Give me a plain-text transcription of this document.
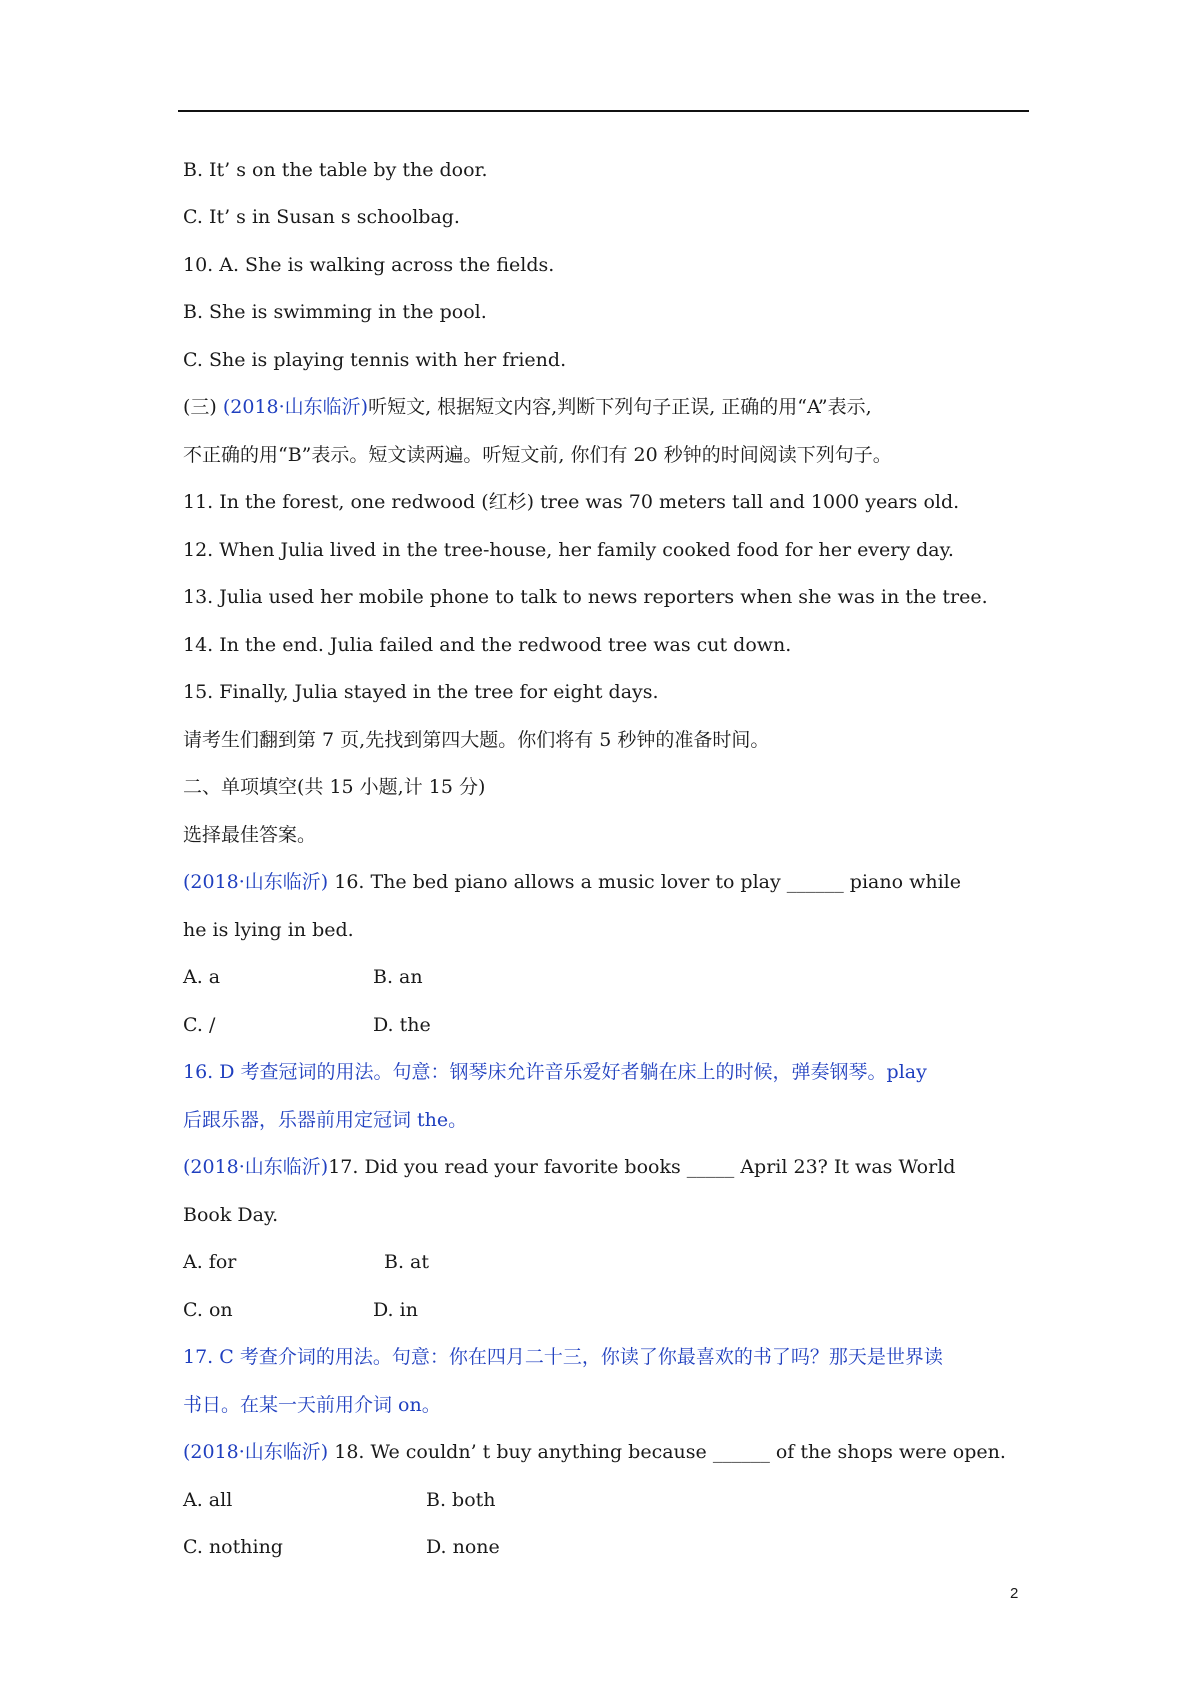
B. It’ s on the table by the door.
C. It’ s in Susan s schoolbag.
10. A. She is walking across the fields.
B. She is swimming in the pool.
C. She is playing tennis with her friend.
(三) (2018·山东临沂)听短文, 根据短文内容,判断下列句子正误, 正确的用“A”表示,
不正确的用“B”表示。短文读两遍。听短文前, 你们有 20 秒钟的时间阅读下列句子。
11. In the forest, one redwood (红杉) tree was 70 meters tall and 1000 years old.
12. When Julia lived in the tree-house, her family cooked food for her every day.
13. Julia used her mobile phone to talk to news reporters when she was in the tree.
14. In the end. Julia failed and the redwood tree was cut down.
15. Finally, Julia stayed in the tree for eight days.
请考生们翻到第 7 页,先找到第四大题。你们将有 5 秒钟的准备时间。
二、单项填空(共 15 小题,计 15 分)
选择最佳答案。
(2018·山东临沂) 16. The bed piano allows a music lover to play ______ piano while
he is lying in bed.
A. a	B. an
C. /	D. the
16. D 考查冠词的用法。句意：钢琴床允许音乐爱好者躺在床上的时候，弹奏钢琴。play
后跟乐器，乐器前用定冠词 the。
(2018·山东临沂)17. Did you read your favorite books _____ April 23? It was World
Book Day.
A. for	B. at
C. on	D. in
17. C 考查介词的用法。句意：你在四月二十三，你读了你最喜欢的书了吗？那天是世界读
书日。在某一天前用介词 on。
(2018·山东临沂) 18. We couldn’ t buy anything because ______ of the shops were open.
A. all	B. both
C. nothing	D. none
2
